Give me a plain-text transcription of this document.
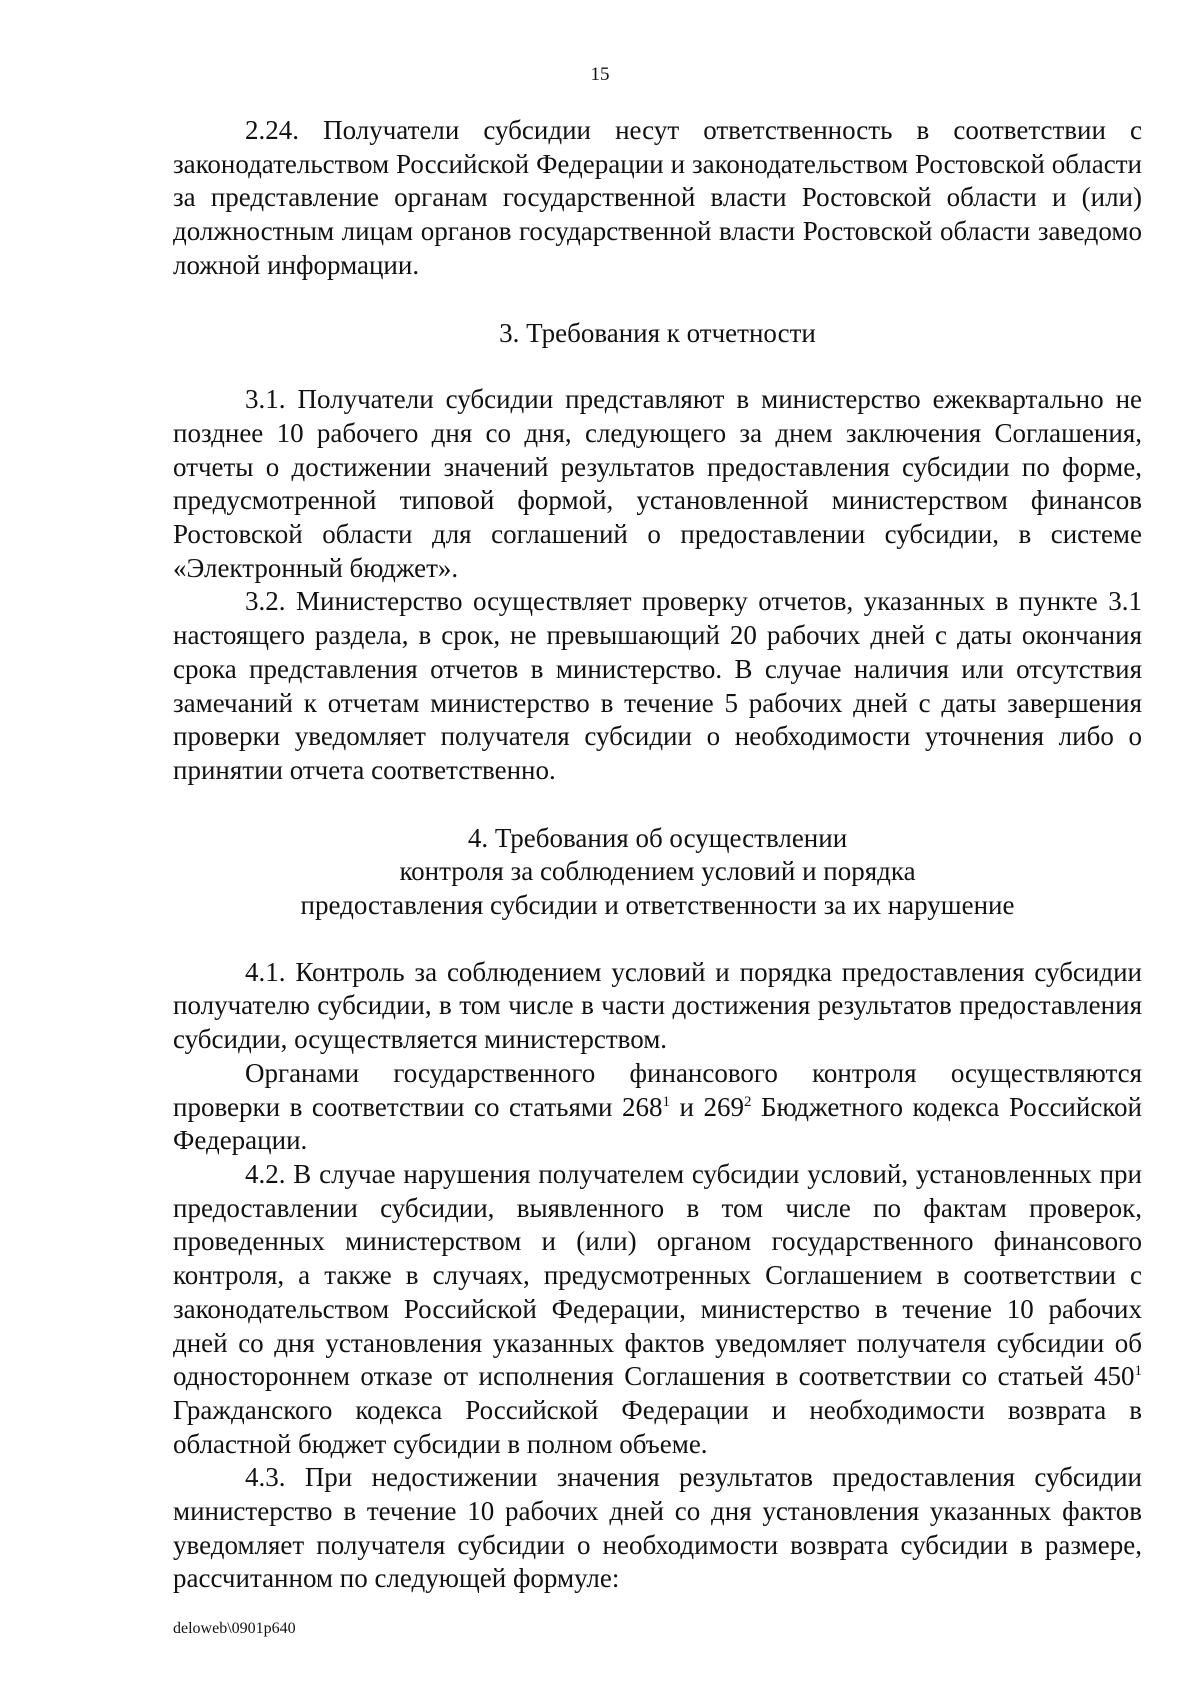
15

2.24. Получатели субсидии несут ответственность в соответствии с законодательством Российской Федерации и законодательством Ростовской области за представление органам государственной власти Ростовской области и (или) должностным лицам органов государственной власти Ростовской области заведомо ложной информации.

3. Требования к отчетности

3.1. Получатели субсидии представляют в министерство ежеквартально не позднее 10 рабочего дня со дня, следующего за днем заключения Соглашения, отчеты о достижении значений результатов предоставления субсидии по форме, предусмотренной типовой формой, установленной министерством финансов Ростовской области для соглашений о предоставлении субсидии, в системе «Электронный бюджет».

3.2. Министерство осуществляет проверку отчетов, указанных в пункте 3.1 настоящего раздела, в срок, не превышающий 20 рабочих дней с даты окончания срока представления отчетов в министерство. В случае наличия или отсутствия замечаний к отчетам министерство в течение 5 рабочих дней с даты завершения проверки уведомляет получателя субсидии о необходимости уточнения либо о принятии отчета соответственно.

4. Требования об осуществлении

контроля за соблюдением условий и порядка

предоставления субсидии и ответственности за их нарушение

4.1. Контроль за соблюдением условий и порядка предоставления субсидии получателю субсидии, в том числе в части достижения результатов предоставления субсидии, осуществляется министерством.

Органами государственного финансового контроля осуществляются проверки в соответствии со статьями $268^1$ и $269^2$ Бюджетного кодекса Российской Федерации.

4.2. В случае нарушения получателем субсидии условий, установленных при предоставлении субсидии, выявленного в том числе по фактам проверок, проведенных министерством и (или) органом государственного финансового контроля, а также в случаях, предусмотренных Соглашением в соответствии с законодательством Российской Федерации, министерство в течение 10 рабочих дней со дня установления указанных фактов уведомляет получателя субсидии об одностороннем отказе от исполнения Соглашения в соответствии со статьей $450^1$ Гражданского кодекса Российской Федерации и необходимости возврата в областной бюджет субсидии в полном объеме.

4.3. При недостижении значения результатов предоставления субсидии министерство в течение 10 рабочих дней со дня установления указанных фактов уведомляет получателя субсидии о необходимости возврата субсидии в размере, рассчитанном по следующей формуле:

deloweb\0901p640
